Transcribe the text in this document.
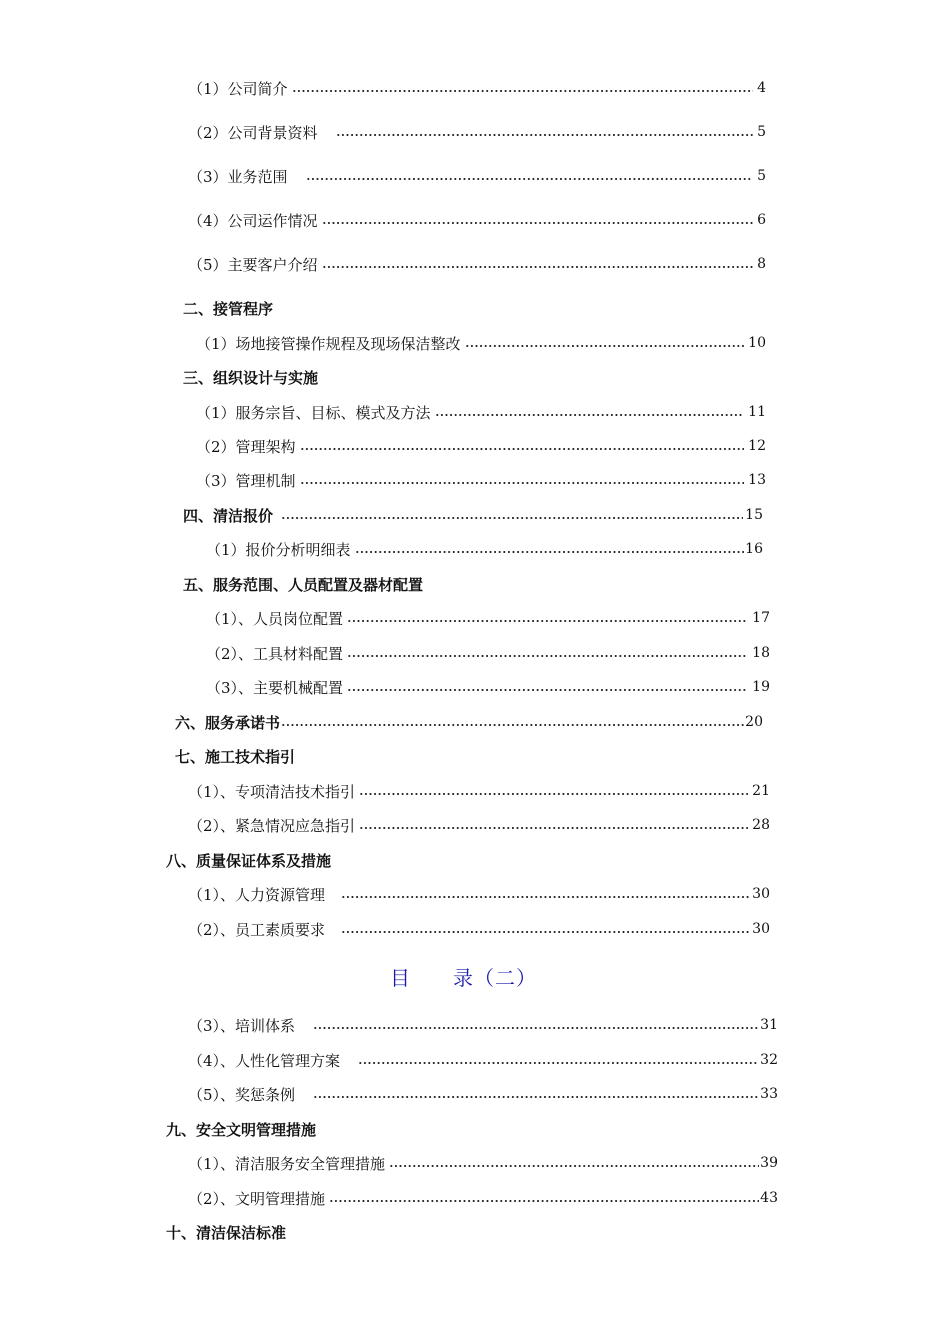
（1）公司简介	4
（2）公司背景资料	5
（3）业务范围	5
（4）公司运作情况	6
（5）主要客户介绍	8
二、接管程序
（1）场地接管操作规程及现场保洁整改	10
三、组织设计与实施
（1）服务宗旨、目标、模式及方法	11
（2）管理架构	12
（3）管理机制	13
四、清洁报价	15
（1）报价分析明细表	16
五、服务范围、人员配置及器材配置
（1）、人员岗位配置	17
（2）、工具材料配置	18
（3）、主要机械配置	19
六、服务承诺书	20
七、施工技术指引
（1）、专项清洁技术指引	21
（2）、紧急情况应急指引	28
八、质量保证体系及措施
（1）、人力资源管理	30
（2）、员工素质要求	30
目　　录（二）
（3）、培训体系	31
（4）、人性化管理方案	32
（5）、奖惩条例	33
九、安全文明管理措施
（1）、清洁服务安全管理措施	39
（2）、文明管理措施	43
十、清洁保洁标准
